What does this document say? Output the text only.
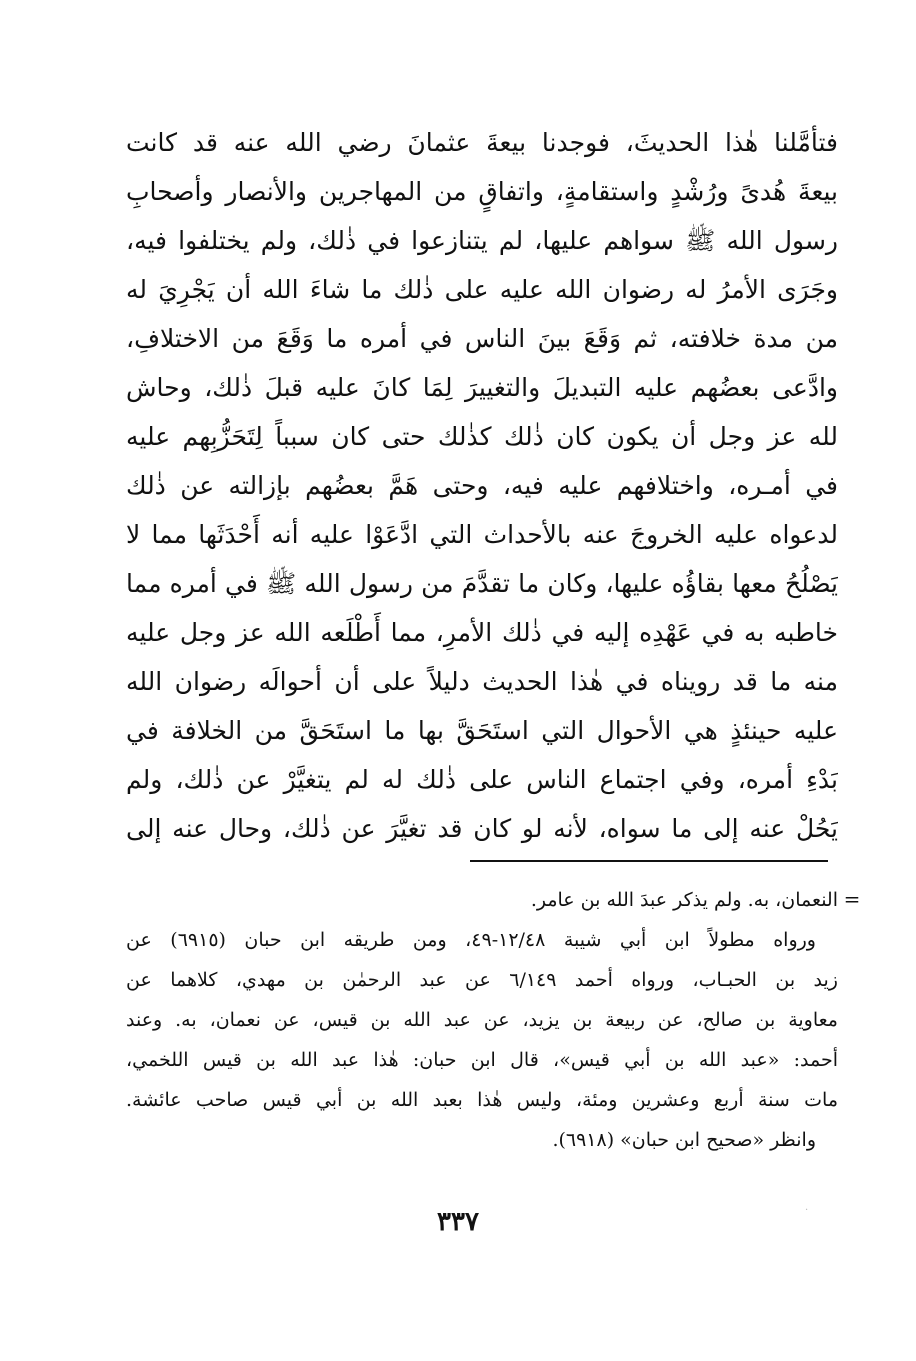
فتأمَّلنا هٰذا الحديثَ، فوجدنا بيعةَ عثمانَ رضي الله عنه قد كانت
بيعةَ هُدىً ورُشْدٍ واستقامةٍ، واتفاقٍ من المهاجرين والأنصار وأصحابِ
رسول الله ﷺ سواهم عليها، لم يتنازعوا في ذٰلك، ولم يختلفوا فيه،
وجَرَى الأمرُ له رضوان الله عليه على ذٰلك ما شاءَ الله أن يَجْرِيَ له
من مدة خلافته، ثم وَقَعَ بينَ الناس في أمره ما وَقَعَ من الاختلافِ،
وادَّعى بعضُهم عليه التبديلَ والتغييرَ لِمَا كانَ عليه قبلَ ذٰلك، وحاش
لله عز وجل أن يكون كان ذٰلك كذٰلك حتى كان سبباً لِتَحَزُّبِهم عليه
في أمـره، واختلافهم عليه فيه، وحتى هَمَّ بعضُهم بإزالته عن ذٰلك
لدعواه عليه الخروجَ عنه بالأحداث التي ادَّعَوْا عليه أنه أَحْدَثَها مما لا
يَصْلُحُ معها بقاؤُه عليها، وكان ما تقدَّمَ من رسول الله ﷺ في أمره مما
خاطبه به في عَهْدِه إليه في ذٰلك الأمرِ، مما أَطْلَعه الله عز وجل عليه
منه ما قد رويناه في هٰذا الحديث دليلاً على أن أحوالَه رضوان الله
عليه حينئذٍ هي الأحوال التي استَحَقَّ بها ما استَحَقَّ من الخلافة في
بَدْءِ أمره، وفي اجتماع الناس على ذٰلك له لم يتغيَّرْ عن ذٰلك، ولم
يَحُلْ عنه إلى ما سواه، لأنه لو كان قد تغيَّرَ عن ذٰلك، وحال عنه إلى
=
النعمان، به. ولم يذكر عبدَ الله بن عامر.
ورواه مطولاً ابن أبي شيبة ١٢/٤٨-٤٩، ومن طريقه ابن حبان (٦٩١٥) عن
زيد بن الحبـاب، ورواه أحمد ٦/١٤٩ عن عبد الرحمٰن بن مهدي، كلاهما عن
معاوية بن صالح، عن ربيعة بن يزيد، عن عبد الله بن قيس، عن نعمان، به. وعند
أحمد: «عبد الله بن أبي قيس»، قال ابن حبان: هٰذا عبد الله بن قيس اللخمي،
مات سنة أربع وعشرين ومئة، وليس هٰذا بعبد الله بن أبي قيس صاحب عائشة.
وانظر «صحيح ابن حبان» (٦٩١٨).
٣٣٧	·
